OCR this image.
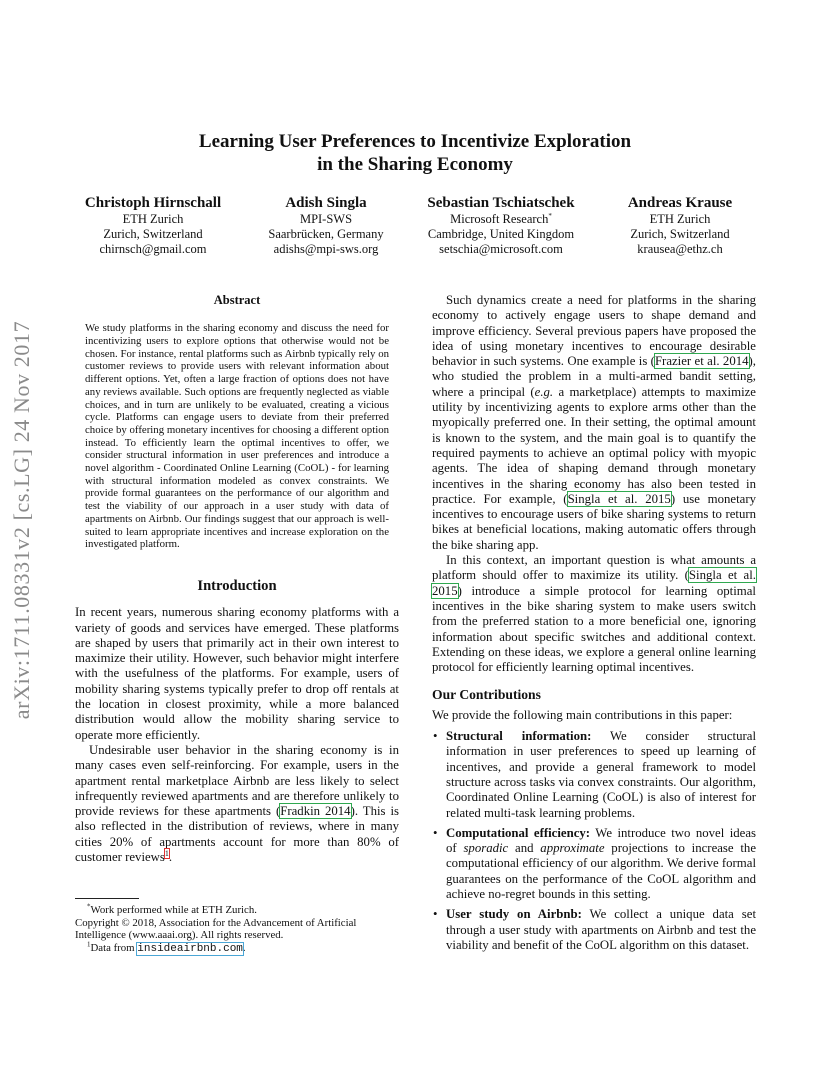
arXiv:1711.08331v2 [cs.LG] 24 Nov 2017
Learning User Preferences to Incentivize Exploration
in the Sharing Economy
Christoph Hirnschall
ETH Zurich
Zurich, Switzerland
chirnsch@gmail.com
Adish Singla
MPI-SWS
Saarbrücken, Germany
adishs@mpi-sws.org
Sebastian Tschiatschek
Microsoft Research*
Cambridge, United Kingdom
setschia@microsoft.com
Andreas Krause
ETH Zurich
Zurich, Switzerland
krausea@ethz.ch
Abstract
We study platforms in the sharing economy and discuss the need for incentivizing users to explore options that otherwise would not be chosen. For instance, rental platforms such as Airbnb typically rely on customer reviews to provide users with relevant information about different options. Yet, often a large fraction of options does not have any reviews available. Such options are frequently neglected as viable choices, and in turn are unlikely to be evaluated, creating a vicious cycle. Platforms can engage users to deviate from their preferred choice by offering monetary incentives for choosing a different option instead. To efficiently learn the optimal incentives to offer, we consider structural information in user preferences and introduce a novel algorithm - Coordinated Online Learning (CoOL) - for learning with structural information modeled as convex constraints. We provide formal guarantees on the performance of our algorithm and test the viability of our approach in a user study with data of apartments on Airbnb. Our findings suggest that our approach is well-suited to learn appropriate incentives and increase exploration on the investigated platform.
Introduction

In recent years, numerous sharing economy platforms with a variety of goods and services have emerged. These platforms are shaped by users that primarily act in their own interest to maximize their utility. However, such behavior might interfere with the usefulness of the platforms. For example, users of mobility sharing systems typically prefer to drop off rentals at the location in closest proximity, while a more balanced distribution would allow the mobility sharing service to operate more efficiently.

Undesirable user behavior in the sharing economy is in many cases even self-reinforcing. For example, users in the apartment rental marketplace Airbnb are less likely to select infrequently reviewed apartments and are therefore unlikely to provide reviews for these apartments (Fradkin 2014). This is also reflected in the distribution of reviews, where in many cities 20% of apartments account for more than 80% of customer reviews$^1$.

*Work performed while at ETH Zurich.

Copyright © 2018, Association for the Advancement of Artificial Intelligence (www.aaai.org). All rights reserved.

$^1$Data from insideairbnb.com.

Such dynamics create a need for platforms in the sharing economy to actively engage users to shape demand and improve efficiency. Several previous papers have proposed the idea of using monetary incentives to encourage desirable behavior in such systems. One example is (Frazier et al. 2014), who studied the problem in a multi-armed bandit setting, where a principal (e.g. a marketplace) attempts to maximize utility by incentivizing agents to explore arms other than the myopically preferred one. In their setting, the optimal amount is known to the system, and the main goal is to quantify the required payments to achieve an optimal policy with myopic agents. The idea of shaping demand through monetary incentives in the sharing economy has also been tested in practice. For example, (Singla et al. 2015) use monetary incentives to encourage users of bike sharing systems to return bikes at beneficial locations, making automatic offers through the bike sharing app.

In this context, an important question is what amounts a platform should offer to maximize its utility. (Singla et al. 2015) introduce a simple protocol for learning optimal incentives in the bike sharing system to make users switch from the preferred station to a more beneficial one, ignoring information about specific switches and additional context. Extending on these ideas, we explore a general online learning protocol for efficiently learning optimal incentives.

Our Contributions
We provide the following main contributions in this paper:
• Structural information: We consider structural information in user preferences to speed up learning of incentives, and provide a general framework to model structure across tasks via convex constraints. Our algorithm, Coordinated Online Learning (CoOL) is also of interest for related multi-task learning problems.
• Computational efficiency: We introduce two novel ideas of sporadic and approximate projections to increase the computational efficiency of our algorithm. We derive formal guarantees on the performance of the CoOL algorithm and achieve no-regret bounds in this setting.
• User study on Airbnb: We collect a unique data set through a user study with apartments on Airbnb and test the viability and benefit of the CoOL algorithm on this dataset.
